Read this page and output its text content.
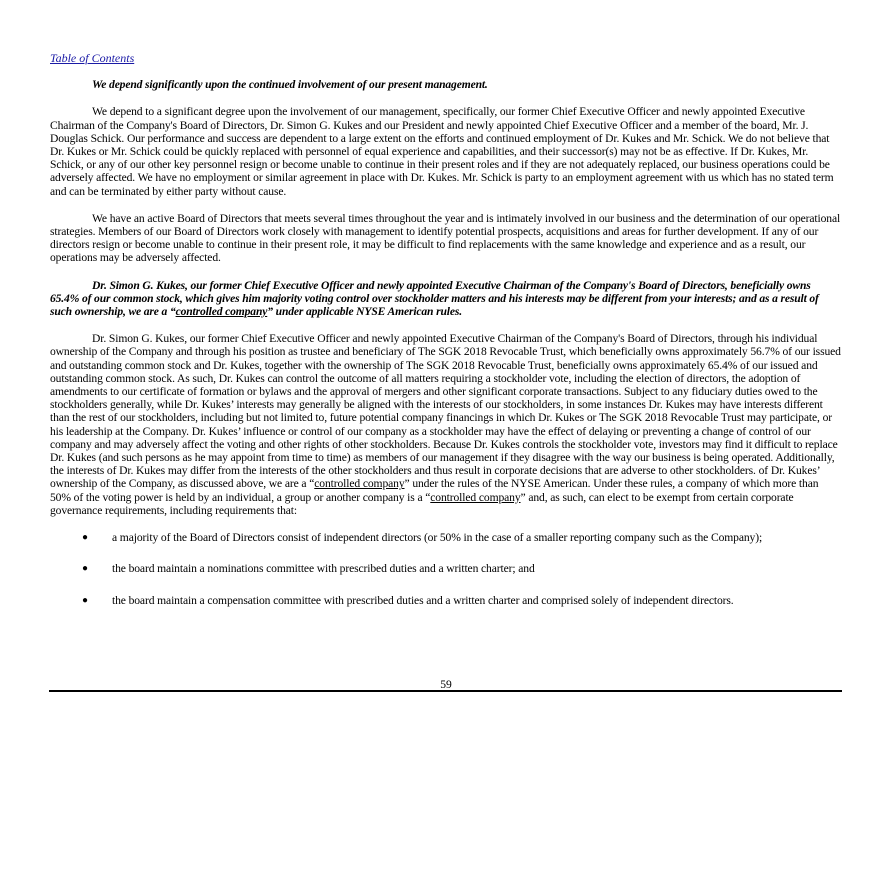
Table of Contents

We depend significantly upon the continued involvement of our present management.

We depend to a significant degree upon the involvement of our management, specifically, our former Chief Executive Officer and newly appointed Executive Chairman of the Company's Board of Directors, Dr. Simon G. Kukes and our President and newly appointed Chief Executive Officer and a member of the board, Mr. J. Douglas Schick. Our performance and success are dependent to a large extent on the efforts and continued employment of Dr. Kukes and Mr. Schick. We do not believe that Dr. Kukes or Mr. Schick could be quickly replaced with personnel of equal experience and capabilities, and their successor(s) may not be as effective. If Dr. Kukes, Mr. Schick, or any of our other key personnel resign or become unable to continue in their present roles and if they are not adequately replaced, our business operations could be adversely affected. We have no employment or similar agreement in place with Dr. Kukes. Mr. Schick is party to an employment agreement with us which has no stated term and can be terminated by either party without cause.

We have an active Board of Directors that meets several times throughout the year and is intimately involved in our business and the determination of our operational strategies. Members of our Board of Directors work closely with management to identify potential prospects, acquisitions and areas for further development. If any of our directors resign or become unable to continue in their present role, it may be difficult to find replacements with the same knowledge and experience and as a result, our operations may be adversely affected.

Dr. Simon G. Kukes, our former Chief Executive Officer and newly appointed Executive Chairman of the Company's Board of Directors, beneficially owns 65.4% of our common stock, which gives him majority voting control over stockholder matters and his interests may be different from your interests; and as a result of such ownership, we are a “controlled company” under applicable NYSE American rules.

Dr. Simon G. Kukes, our former Chief Executive Officer and newly appointed Executive Chairman of the Company's Board of Directors, through his individual ownership of the Company and through his position as trustee and beneficiary of The SGK 2018 Revocable Trust, which beneficially owns approximately 56.7% of our issued and outstanding common stock and Dr. Kukes, together with the ownership of The SGK 2018 Revocable Trust, beneficially owns approximately 65.4% of our issued and outstanding common stock. As such, Dr. Kukes can control the outcome of all matters requiring a stockholder vote, including the election of directors, the adoption of amendments to our certificate of formation or bylaws and the approval of mergers and other significant corporate transactions. Subject to any fiduciary duties owed to the stockholders generally, while Dr. Kukes’ interests may generally be aligned with the interests of our stockholders, in some instances Dr. Kukes may have interests different than the rest of our stockholders, including but not limited to, future potential company financings in which Dr. Kukes or The SGK 2018 Revocable Trust may participate, or his leadership at the Company. Dr. Kukes’ influence or control of our company as a stockholder may have the effect of delaying or preventing a change of control of our company and may adversely affect the voting and other rights of other stockholders. Because Dr. Kukes controls the stockholder vote, investors may find it difficult to replace Dr. Kukes (and such persons as he may appoint from time to time) as members of our management if they disagree with the way our business is being operated. Additionally, the interests of Dr. Kukes may differ from the interests of the other stockholders and thus result in corporate decisions that are adverse to other stockholders. of Dr. Kukes’ ownership of the Company, as discussed above, we are a “controlled company” under the rules of the NYSE American. Under these rules, a company of which more than 50% of the voting power is held by an individual, a group or another company is a “controlled company” and, as such, can elect to be exempt from certain corporate governance requirements, including requirements that:

● a majority of the Board of Directors consist of independent directors (or 50% in the case of a smaller reporting company such as the Company);
● the board maintain a nominations committee with prescribed duties and a written charter; and
● the board maintain a compensation committee with prescribed duties and a written charter and comprised solely of independent directors.
59
